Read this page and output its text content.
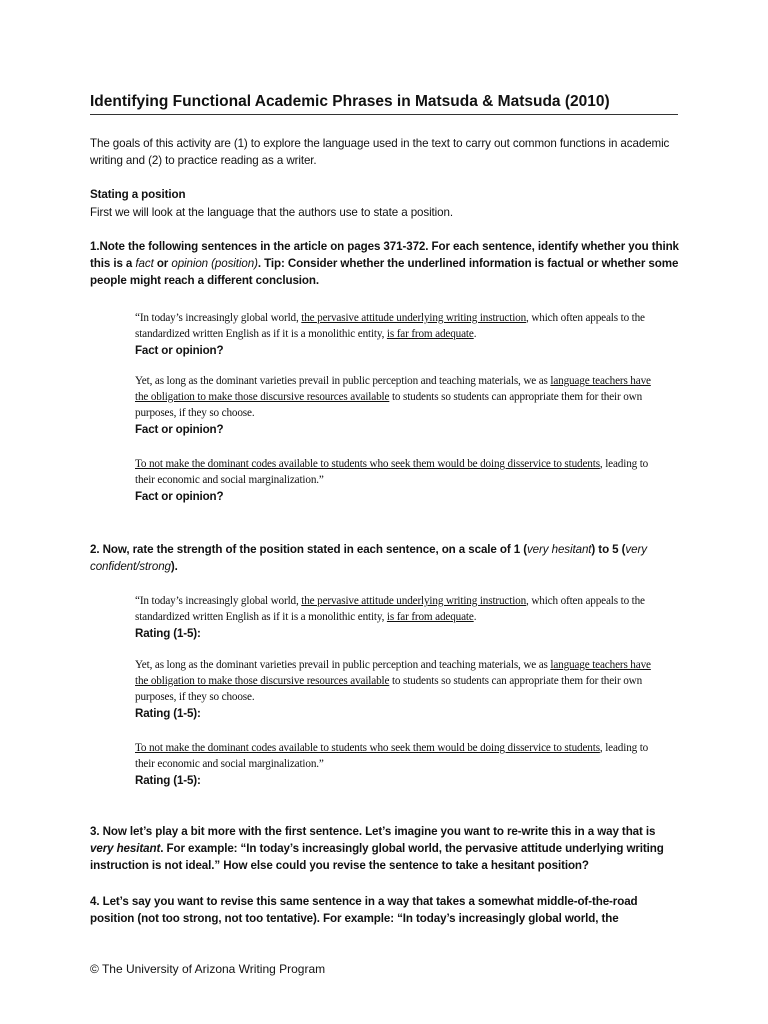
Identifying Functional Academic Phrases in Matsuda & Matsuda (2010)
The goals of this activity are (1) to explore the language used in the text to carry out common functions in academic writing and (2) to practice reading as a writer.
Stating a position
First we will look at the language that the authors use to state a position.
1.Note the following sentences in the article on pages 371-372. For each sentence, identify whether you think this is a fact or opinion (position). Tip: Consider whether the underlined information is factual or whether some people might reach a different conclusion.
“In today’s increasingly global world, the pervasive attitude underlying writing instruction, which often appeals to the standardized written English as if it is a monolithic entity, is far from adequate.
Fact or opinion?
Yet, as long as the dominant varieties prevail in public perception and teaching materials, we as language teachers have the obligation to make those discursive resources available to students so students can appropriate them for their own purposes, if they so choose.
Fact or opinion?
To not make the dominant codes available to students who seek them would be doing disservice to students, leading to their economic and social marginalization.”
Fact or opinion?
2. Now, rate the strength of the position stated in each sentence, on a scale of 1 (very hesitant) to 5 (very confident/strong).
“In today’s increasingly global world, the pervasive attitude underlying writing instruction, which often appeals to the standardized written English as if it is a monolithic entity, is far from adequate.
Rating (1-5):
Yet, as long as the dominant varieties prevail in public perception and teaching materials, we as language teachers have the obligation to make those discursive resources available to students so students can appropriate them for their own purposes, if they so choose.
Rating (1-5):
To not make the dominant codes available to students who seek them would be doing disservice to students, leading to their economic and social marginalization.”
Rating (1-5):
3. Now let’s play a bit more with the first sentence. Let’s imagine you want to re-write this in a way that is very hesitant. For example: “In today’s increasingly global world, the pervasive attitude underlying writing instruction is not ideal.” How else could you revise the sentence to take a hesitant position?
4. Let’s say you want to revise this same sentence in a way that takes a somewhat middle-of-the-road position (not too strong, not too tentative). For example: “In today’s increasingly global world, the
© The University of Arizona Writing Program
